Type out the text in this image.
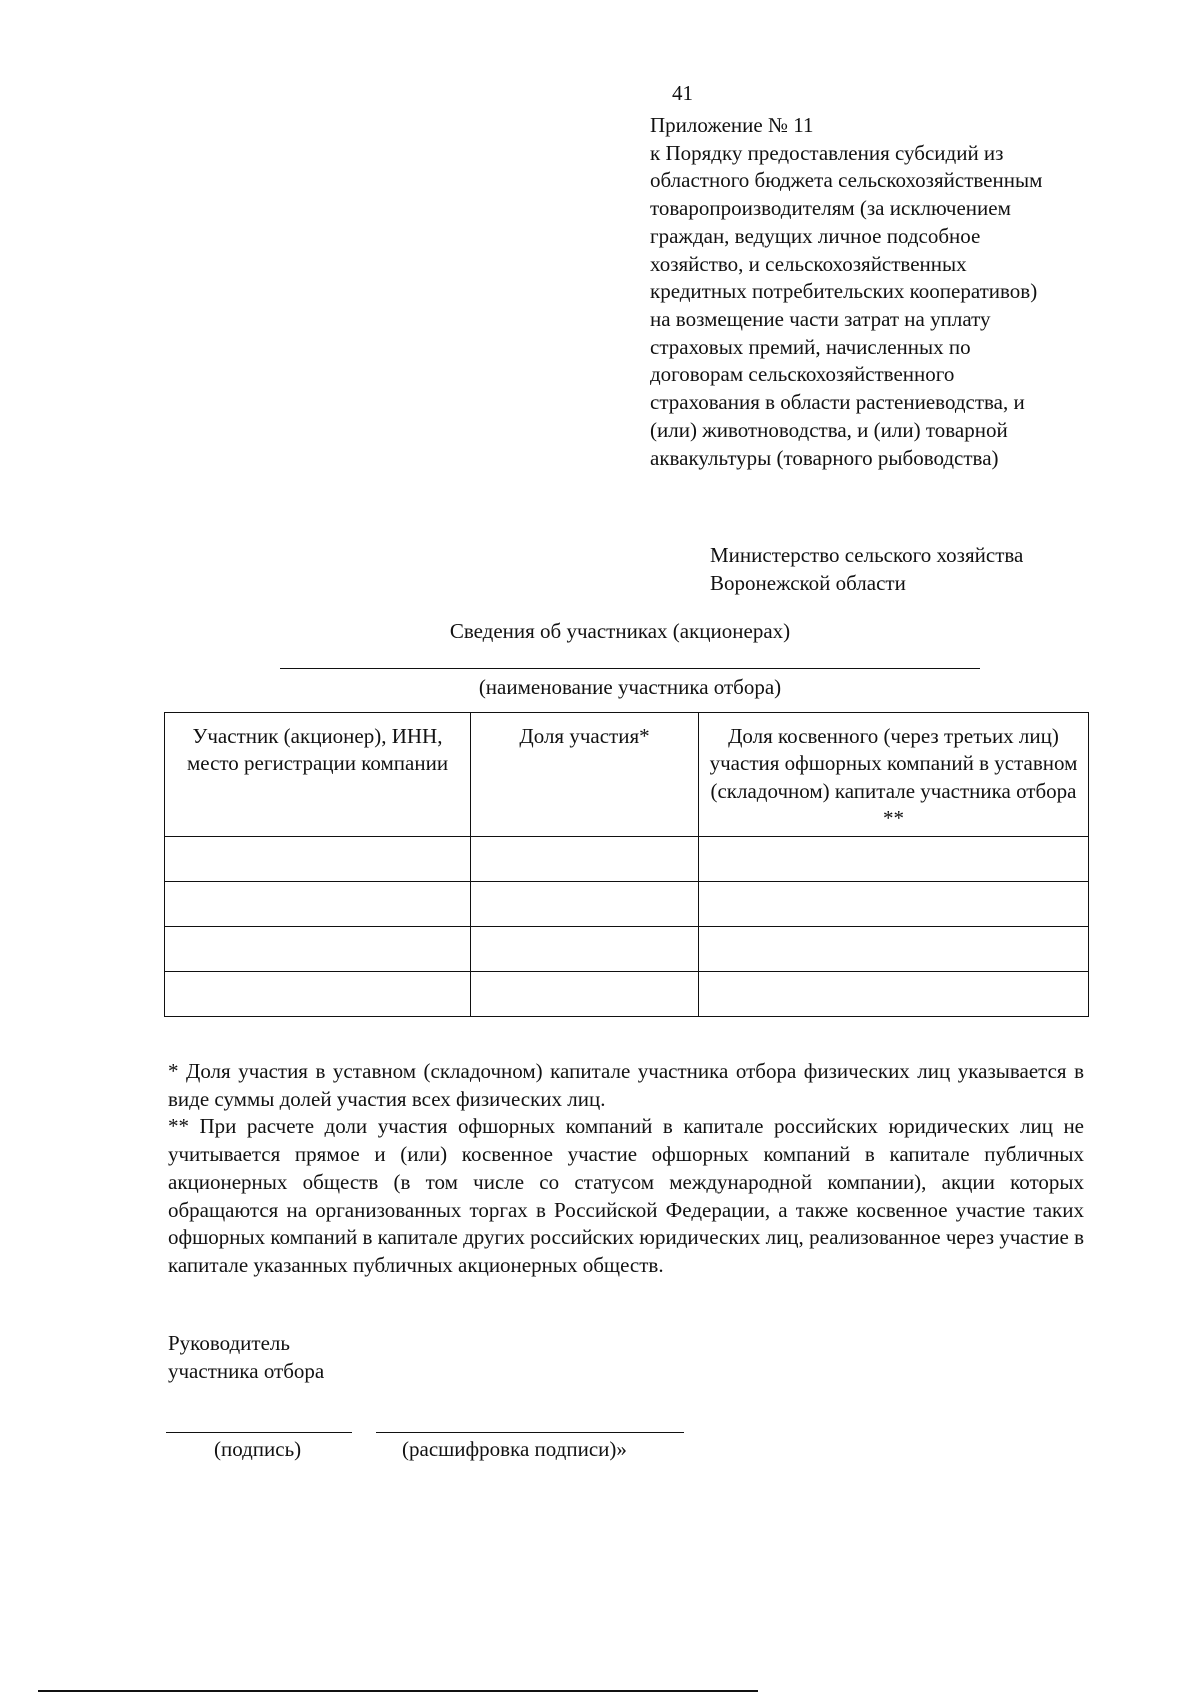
41
Приложение № 11
к Порядку предоставления субсидий из
областного бюджета сельскохозяйственным
товаропроизводителям (за исключением
граждан, ведущих личное подсобное
хозяйство, и сельскохозяйственных
кредитных потребительских кооперативов)
на возмещение части затрат на уплату
страховых премий, начисленных по
договорам сельскохозяйственного
страхования в области растениеводства, и
(или) животноводства, и (или) товарной
аквакультуры (товарного рыбоводства)
Министерство сельского хозяйства
Воронежской области
Сведения об участниках (акционерах)
(наименование участника отбора)
Участник (акционер), ИНН, место регистрации компании	Доля участия*	Доля косвенного (через третьих лиц) участия офшорных компаний в уставном (складочном) капитале участника отбора **

* Доля участия в уставном (складочном) капитале участника отбора физических лиц указывается в виде суммы долей участия всех физических лиц.

** При расчете доли участия офшорных компаний в капитале российских юридических лиц не учитывается прямое и (или) косвенное участие офшорных компаний в капитале публичных акционерных обществ (в том числе со статусом международной компании), акции которых обращаются на организованных торгах в Российской Федерации, а также косвенное участие таких офшорных компаний в капитале других российских юридических лиц, реализованное через участие в капитале указанных публичных акционерных обществ.

Руководитель
участника отбора
(подпись)	(расшифровка подписи)»
